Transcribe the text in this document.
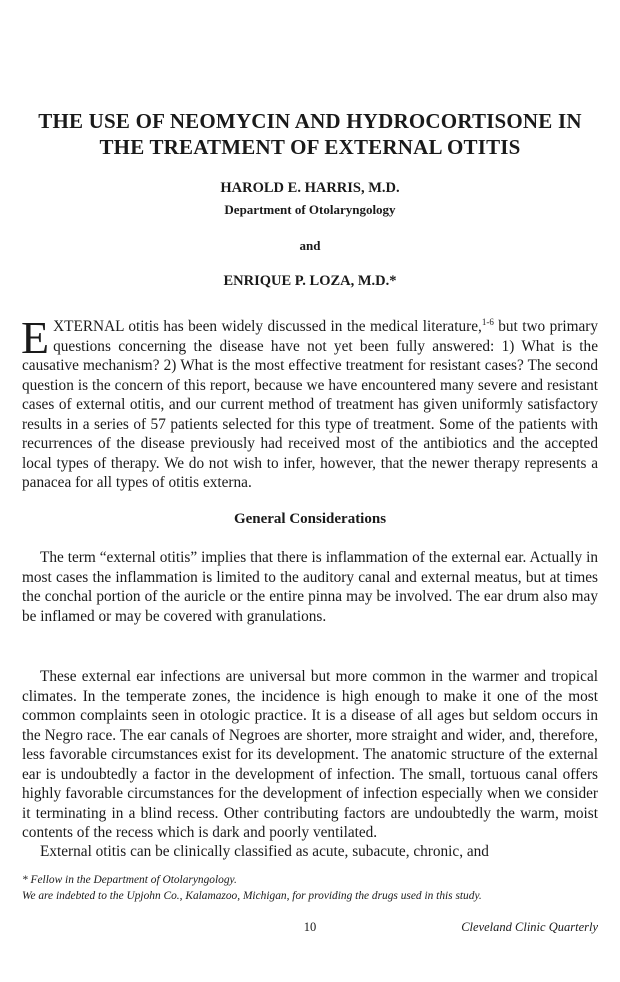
THE USE OF NEOMYCIN AND HYDROCORTISONE IN
THE TREATMENT OF EXTERNAL OTITIS

HAROLD E. HARRIS, M.D.

Department of Otolaryngology

and

ENRIQUE P. LOZA, M.D.*

EXTERNAL otitis has been widely discussed in the medical literature,$^{1-6}$ but two primary questions concerning the disease have not yet been fully answered: 1) What is the causative mechanism? 2) What is the most effective treatment for resistant cases? The second question is the concern of this report, because we have encountered many severe and resistant cases of external otitis, and our current method of treatment has given uniformly satisfactory results in a series of 57 patients selected for this type of treatment. Some of the patients with recurrences of the disease previously had received most of the antibiotics and the accepted local types of therapy. We do not wish to infer, however, that the newer therapy represents a panacea for all types of otitis externa.

General Considerations

The term “external otitis” implies that there is inflammation of the external ear. Actually in most cases the inflammation is limited to the auditory canal and external meatus, but at times the conchal portion of the auricle or the entire pinna may be involved. The ear drum also may be inflamed or may be covered with granulations.

These external ear infections are universal but more common in the warmer and tropical climates. In the temperate zones, the incidence is high enough to make it one of the most common complaints seen in otologic practice. It is a disease of all ages but seldom occurs in the Negro race. The ear canals of Negroes are shorter, more straight and wider, and, therefore, less favorable circumstances exist for its development. The anatomic structure of the external ear is undoubtedly a factor in the development of infection. The small, tortuous canal offers highly favorable circumstances for the development of infection especially when we consider it terminating in a blind recess. Other contributing factors are undoubtedly the warm, moist contents of the recess which is dark and poorly ventilated.

External otitis can be clinically classified as acute, subacute, chronic, and

* Fellow in the Department of Otolaryngology.

We are indebted to the Upjohn Co., Kalamazoo, Michigan, for providing the drugs used in this study.

10	Cleveland Clinic Quarterly
